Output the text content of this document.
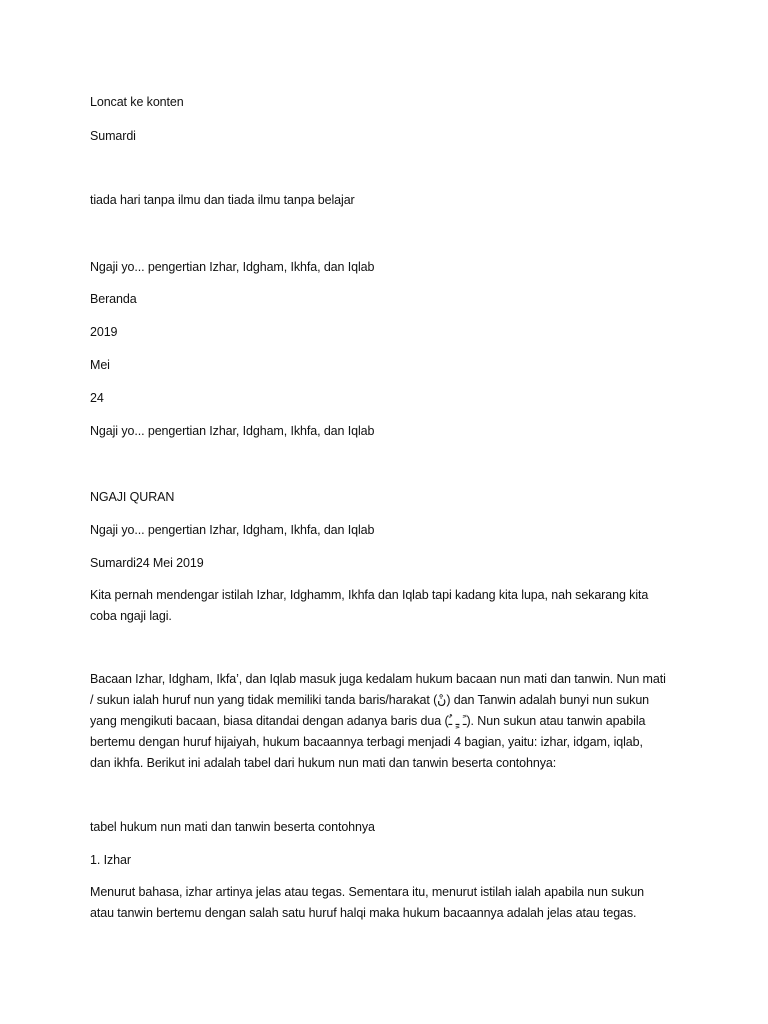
Loncat ke konten
Sumardi
tiada hari tanpa ilmu dan tiada ilmu tanpa belajar
Ngaji yo... pengertian Izhar, Idgham, Ikhfa, dan Iqlab
Beranda
2019
Mei
24
Ngaji yo... pengertian Izhar, Idgham, Ikhfa, dan Iqlab
NGAJI QURAN
Ngaji yo... pengertian Izhar, Idgham, Ikhfa, dan Iqlab
Sumardi24 Mei 2019
Kita pernah mendengar istilah Izhar, Idghamm, Ikhfa dan Iqlab tapi kadang kita lupa, nah sekarang kita
coba ngaji lagi.
Bacaan Izhar, Idgham, Ikfa’, dan Iqlab masuk juga kedalam hukum bacaan nun mati dan tanwin. Nun mati
/ sukun ialah huruf nun yang tidak memiliki tanda baris/harakat (نْ) dan Tanwin adalah bunyi nun sukun
yang mengikuti bacaan, biasa ditandai dengan adanya baris dua (ـً ـٍ ـٌ). Nun sukun atau tanwin apabila
bertemu dengan huruf hijaiyah, hukum bacaannya terbagi menjadi 4 bagian, yaitu: izhar, idgam, iqlab,
dan ikhfa. Berikut ini adalah tabel dari hukum nun mati dan tanwin beserta contohnya:
tabel hukum nun mati dan tanwin beserta contohnya
1. Izhar
Menurut bahasa, izhar artinya jelas atau tegas. Sementara itu, menurut istilah ialah apabila nun sukun
atau tanwin bertemu dengan salah satu huruf halqi maka hukum bacaannya adalah jelas atau tegas.
